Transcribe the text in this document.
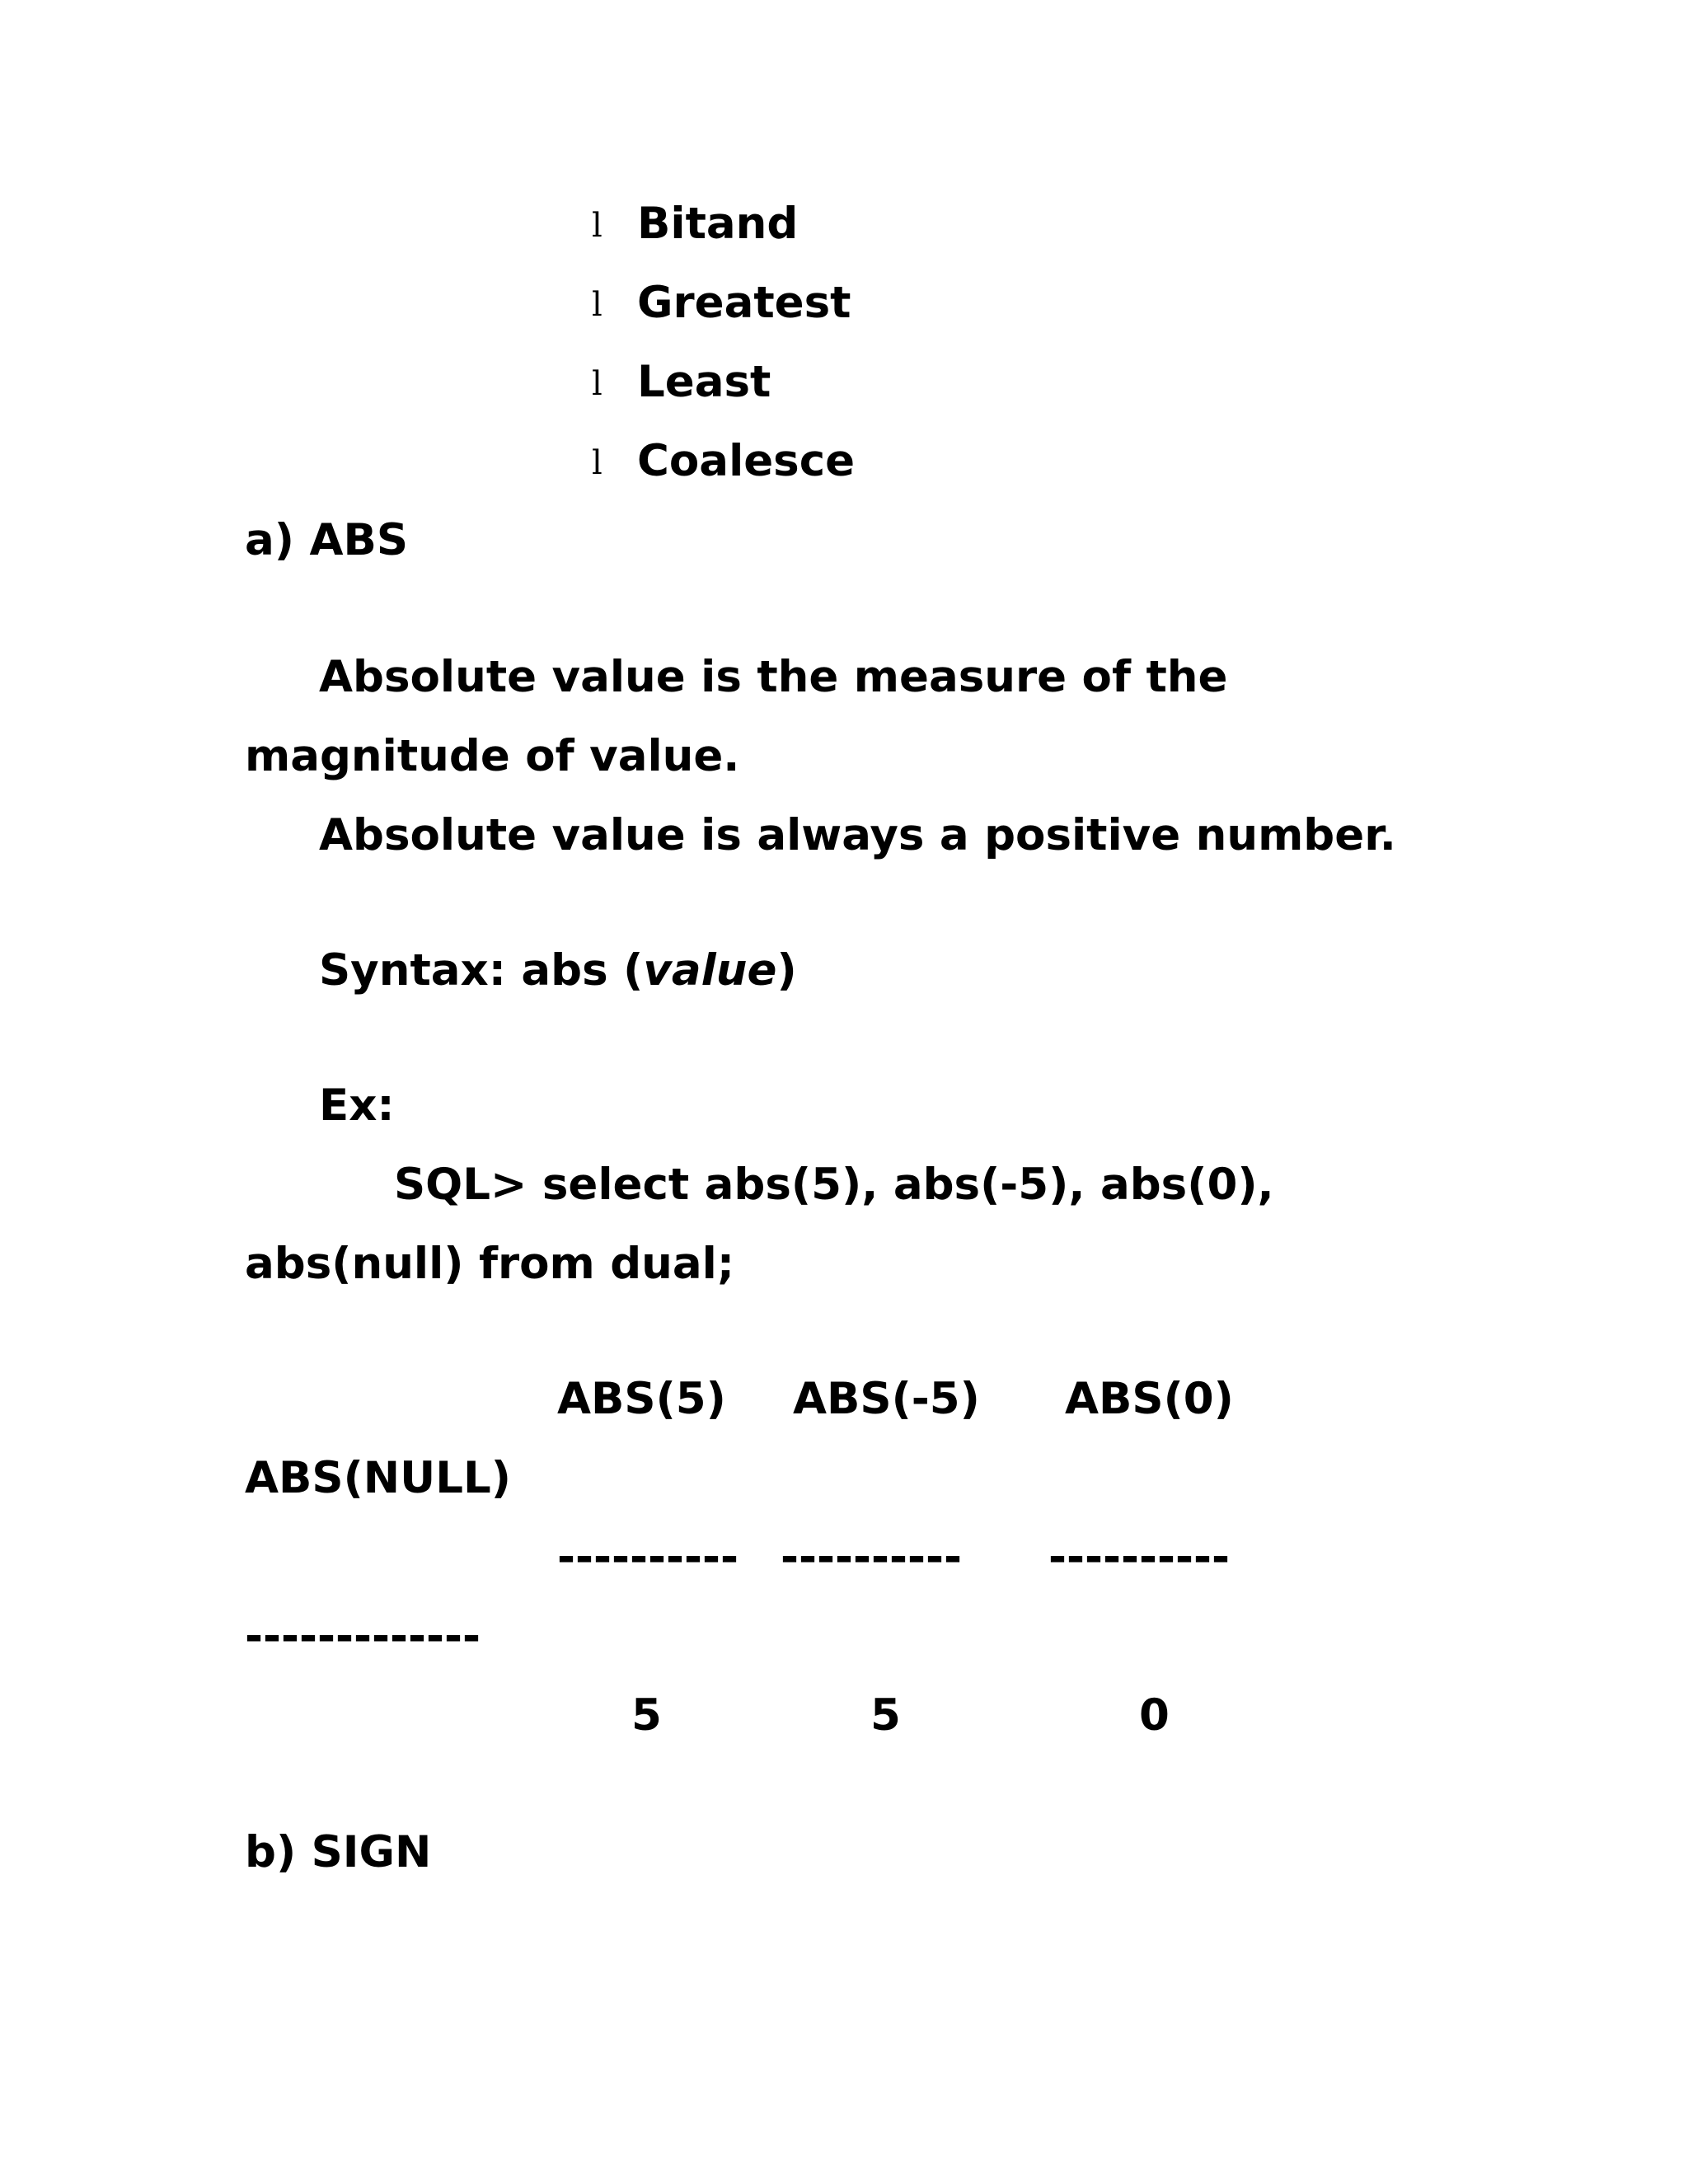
l Bitand
l Greatest
l Least
l Coalesce
a) ABS
Absolute value is the measure of the
magnitude of value.
Absolute value is always a positive number.
Syntax: abs (value)
Ex:
SQL> select abs(5), abs(-5), abs(0),
abs(null) from dual;
ABS(5) ABS(-5) ABS(0)
ABS(NULL)
---------- ---------- ----------
-------------
5	5	0
b) SIGN
